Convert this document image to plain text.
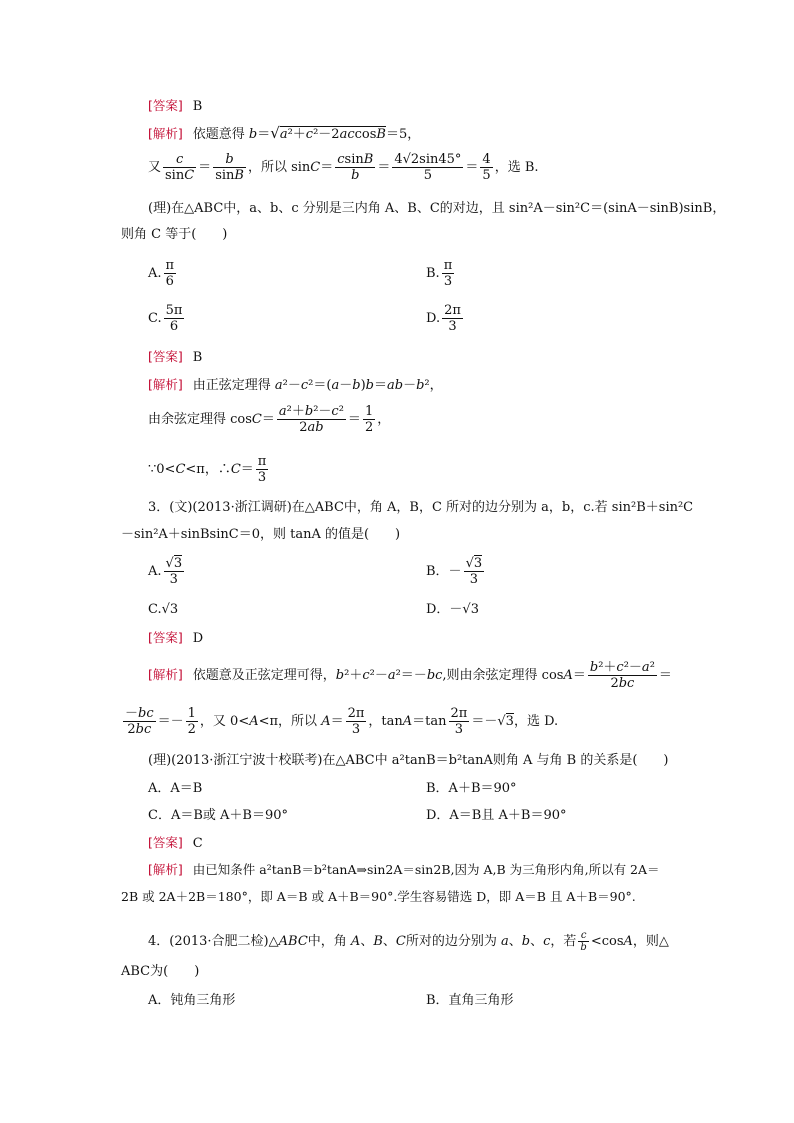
[答案] B
[解析] 依题意得 b＝√a²＋c²－2accosB＝5，
又 $\frac{c}{\sin C} = \frac{b}{\sin B}$ ，所以 $\sin C= \frac{csinB}{b} = \frac{4√2\sin 45^\circ}{5} = \frac{4}{5}$ ，选 B.
(理)在△ABC中，a、b、c 分别是三内角 A、B、C的对边，且 sin²A－sin²C＝(sinA－sinB)sinB，
则角 C 等于(　　)
A. $\frac{\pi}{6}$	B. $\frac{\pi}{3}$
C. $\frac{5\pi}{6}$	D. $\frac{2\pi}{3}$
[答案] B
[解析] 由正弦定理得 a²－c²＝(a－b)b＝ab－b²，
由余弦定理得 $\cos C= \frac{\text{a²＋b²－c²}}{2ab} = \frac{1}{2}$ ，
∵0<C<π，∴C＝ $\frac{\pi}{3}$
3．(文)(2013·浙江调研)在△ABC中，角 A，B，C 所对的边分别为 a，b，c.若 sin²B＋sin²C
－sin²A＋sinBsinC＝0，则 tanA 的值是(　　)
A. $\frac{√3}{3}$	B．－ $\frac{√3}{3}$
C.√3	D．－√3
[答案] D
[解析] 依题意及正弦定理可得，b²＋c²－a²＝－bc,则由余弦定理得 $\cos A= \frac{\text{b²＋c²－a²}}{2bc}$ ＝
$\frac{-bc}{2bc} =- \frac{1}{2}$ ，又 0<A<π，所以 $A= \frac{2\pi}{3}$ ，$\tan A=\tan \frac{2\pi}{3} =-√3$，选 D.
(理)(2013·浙江宁波十校联考)在△ABC中 a²tanB＝b²tanA则角 A 与角 B 的关系是(　　)
A．A＝B	B．A＋B＝90°
C．A＝B或 A＋B＝90°	D．A＝B且 A＋B＝90°
[答案] C
[解析] 由已知条件 a²tanB＝b²tanA⇒sin2A＝sin2B,因为 A,B 为三角形内角,所以有 2A＝
2B 或 2A＋2B＝180°，即 A＝B 或 A＋B＝90°.学生容易错选 D，即 A＝B 且 A＋B＝90°.
4．(2013·合肥二检)△ABC中，角 A、B、C所对的边分别为 a、b、c，若 $\frac{c}{b} <\cos A$，则△
ABC为(　　)
A．钝角三角形	B．直角三角形
